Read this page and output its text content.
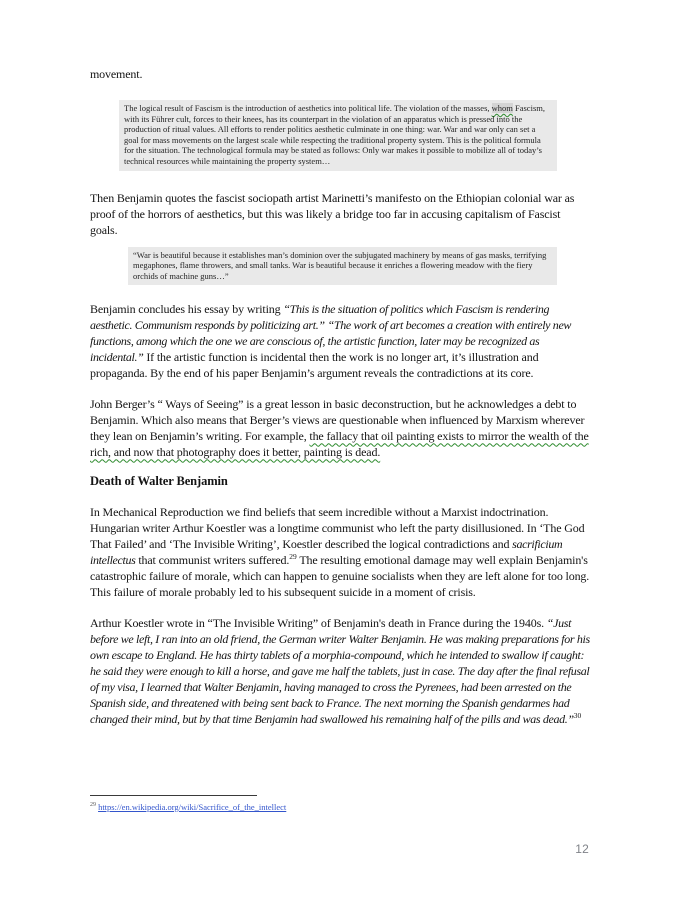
movement.

The logical result of Fascism is the introduction of aesthetics into political life. The violation of the masses, whom Fascism, with its Führer cult, forces to their knees, has its counterpart in the violation of an apparatus which is pressed into the production of ritual values. All efforts to render politics aesthetic culminate in one thing: war. War and war only can set a goal for mass movements on the largest scale while respecting the traditional property system. This is the political formula for the situation. The technological formula may be stated as follows: Only war makes it possible to mobilize all of today’s technical resources while maintaining the property system…

Then Benjamin quotes the fascist sociopath artist Marinetti’s manifesto on the Ethiopian colonial war as proof of the horrors of aesthetics, but this was likely a bridge too far in accusing capitalism of Fascist goals.

“War is beautiful because it establishes man’s dominion over the subjugated machinery by means of gas masks, terrifying megaphones, flame throwers, and small tanks. War is beautiful because it enriches a flowering meadow with the fiery orchids of machine guns…”

Benjamin concludes his essay by writing “This is the situation of politics which Fascism is rendering aesthetic. Communism responds by politicizing art.” “The work of art becomes a creation with entirely new functions, among which the one we are conscious of, the artistic function, later may be recognized as incidental.” If the artistic function is incidental then the work is no longer art, it’s illustration and propaganda. By the end of his paper Benjamin’s argument reveals the contradictions at its core.

John Berger’s “ Ways of Seeing” is a great lesson in basic deconstruction, but he acknowledges a debt to Benjamin. Which also means that Berger’s views are questionable when influenced by Marxism wherever they lean on Benjamin’s writing. For example, the fallacy that oil painting exists to mirror the wealth of the rich, and now that photography does it better, painting is dead.

Death of Walter Benjamin

In Mechanical Reproduction we find beliefs that seem incredible without a Marxist indoctrination. Hungarian writer Arthur Koestler was a longtime communist who left the party disillusioned. In ‘The God That Failed’ and ‘The Invisible Writing’, Koestler described the logical contradictions and sacrificium intellectus that communist writers suffered.$^{29}$ The resulting emotional damage may well explain Benjamin's catastrophic failure of morale, which can happen to genuine socialists when they are left alone for too long. This failure of morale probably led to his subsequent suicide in a moment of crisis.

Arthur Koestler wrote in “The Invisible Writing” of Benjamin's death in France during the 1940s. “Just before we left, I ran into an old friend, the German writer Walter Benjamin. He was making preparations for his own escape to England. He has thirty tablets of a morphia-compound, which he intended to swallow if caught: he said they were enough to kill a horse, and gave me half the tablets, just in case. The day after the final refusal of my visa, I learned that Walter Benjamin, having managed to cross the Pyrenees, had been arrested on the Spanish side, and threatened with being sent back to France. The next morning the Spanish gendarmes had changed their mind, but by that time Benjamin had swallowed his remaining half of the pills and was dead.”$^{30}$

$^{29}$ https://en.wikipedia.org/wiki/Sacrifice_of_the_intellect
12
